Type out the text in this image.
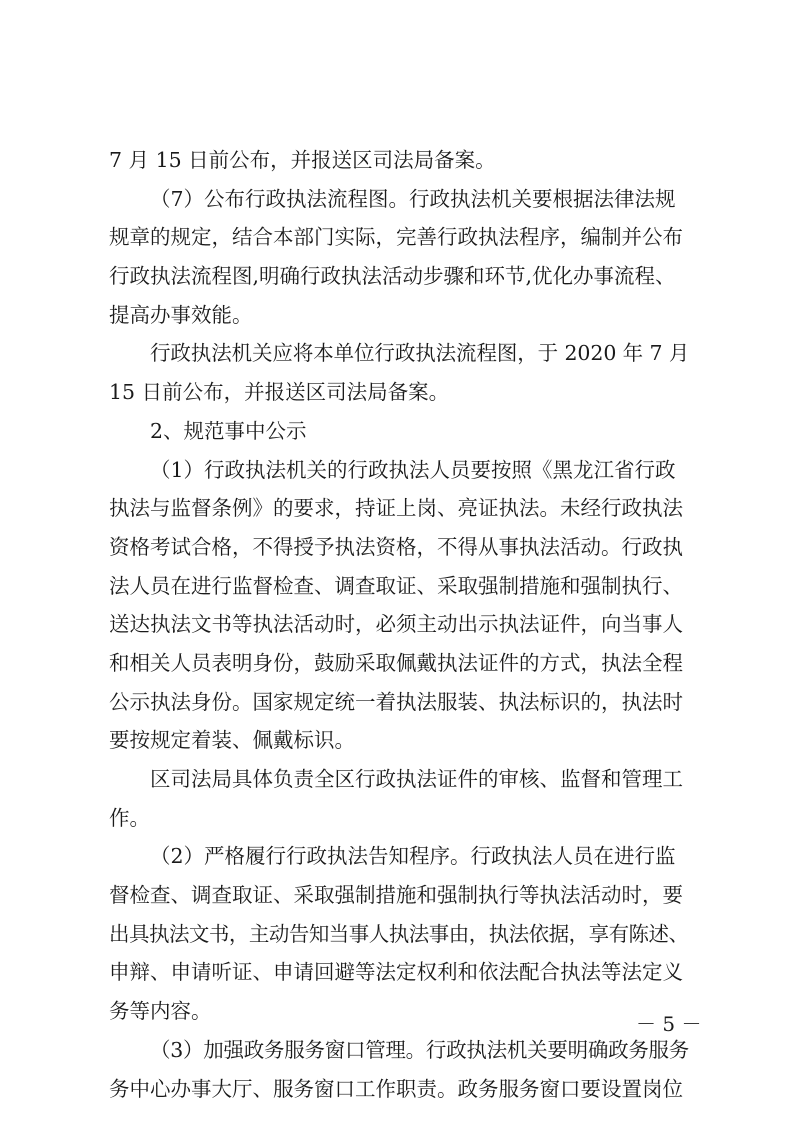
7 月 15 日前公布，并报送区司法局备案。
（7）公布行政执法流程图。行政执法机关要根据法律法规
规章的规定，结合本部门实际，完善行政执法程序，编制并公布
行政执法流程图,明确行政执法活动步骤和环节,优化办事流程、
提高办事效能。
行政执法机关应将本单位行政执法流程图，于 2020 年 7 月
15 日前公布，并报送区司法局备案。
2、规范事中公示
（1）行政执法机关的行政执法人员要按照《黑龙江省行政
执法与监督条例》的要求，持证上岗、亮证执法。未经行政执法
资格考试合格，不得授予执法资格，不得从事执法活动。行政执
法人员在进行监督检查、调查取证、采取强制措施和强制执行、
送达执法文书等执法活动时，必须主动出示执法证件，向当事人
和相关人员表明身份，鼓励采取佩戴执法证件的方式，执法全程
公示执法身份。国家规定统一着执法服装、执法标识的，执法时
要按规定着装、佩戴标识。
区司法局具体负责全区行政执法证件的审核、监督和管理工
作。
（2）严格履行行政执法告知程序。行政执法人员在进行监
督检查、调查取证、采取强制措施和强制执行等执法活动时，要
出具执法文书，主动告知当事人执法事由，执法依据，享有陈述、
申辩、申请听证、申请回避等法定权利和依法配合执法等法定义
务等内容。
（3）加强政务服务窗口管理。行政执法机关要明确政务服务
务中心办事大厅、服务窗口工作职责。政务服务窗口要设置岗位
－ 5 －
